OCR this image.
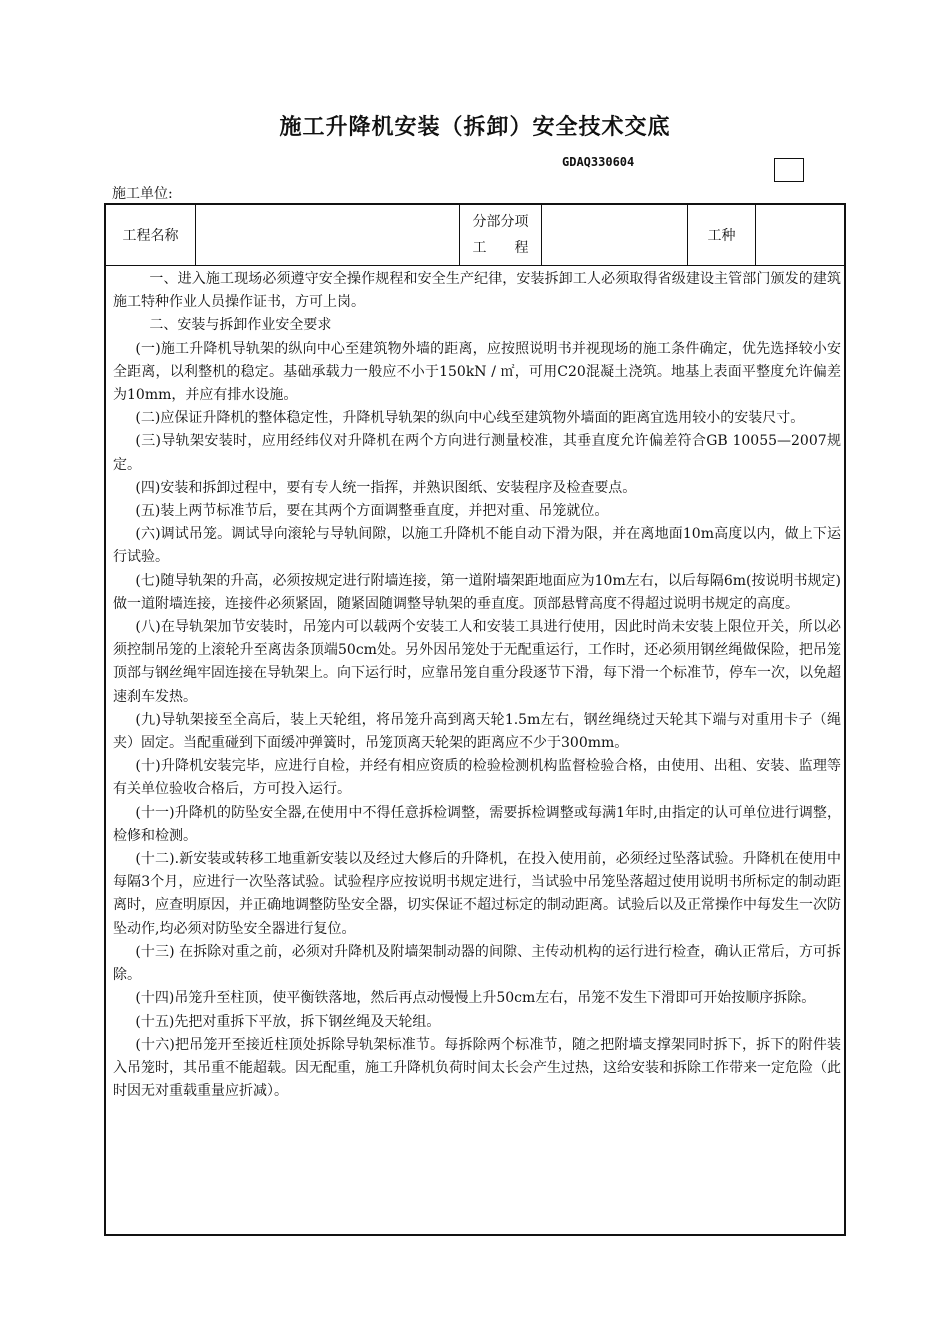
施工升降机安装（拆卸）安全技术交底
GDAQ330604
施工单位:
工程名称
分部分项
工　　程
工种

一、进入施工现场必须遵守安全操作规程和安全生产纪律，安装拆卸工人必须取得省级建设主管部门颁发的建筑施工特种作业人员操作证书，方可上岗。

二、安装与拆卸作业安全要求

(一)施工升降机导轨架的纵向中心至建筑物外墙的距离，应按照说明书并视现场的施工条件确定，优先选择较小安全距离，以利整机的稳定。基础承载力一般应不小于150kN / ㎡，可用C20混凝土浇筑。地基上表面平整度允许偏差为10mm，并应有排水设施。

(二)应保证升降机的整体稳定性，升降机导轨架的纵向中心线至建筑物外墙面的距离宜选用较小的安装尺寸。

(三)导轨架安装时，应用经纬仪对升降机在两个方向进行测量校准，其垂直度允许偏差符合GB 10055—2007规定。

(四)安装和拆卸过程中，要有专人统一指挥，并熟识图纸、安装程序及检查要点。

(五)装上两节标准节后，要在其两个方面调整垂直度，并把对重、吊笼就位。

(六)调试吊笼。调试导向滚轮与导轨间隙，以施工升降机不能自动下滑为限，并在离地面10m高度以内，做上下运行试验。

(七)随导轨架的升高，必须按规定进行附墙连接，第一道附墙架距地面应为10m左右，以后每隔6m(按说明书规定)做一道附墙连接，连接件必须紧固，随紧固随调整导轨架的垂直度。顶部悬臂高度不得超过说明书规定的高度。

(八)在导轨架加节安装时，吊笼内可以载两个安装工人和安装工具进行使用，因此时尚未安装上限位开关，所以必须控制吊笼的上滚轮升至离齿条顶端50cm处。另外因吊笼处于无配重运行，工作时，还必须用钢丝绳做保险，把吊笼顶部与钢丝绳牢固连接在导轨架上。向下运行时，应靠吊笼自重分段逐节下滑，每下滑一个标准节，停车一次，以免超速刹车发热。

(九)导轨架接至全高后，装上天轮组，将吊笼升高到离天轮1.5m左右，钢丝绳绕过天轮其下端与对重用卡子（绳夹）固定。当配重碰到下面缓冲弹簧时，吊笼顶离天轮架的距离应不少于300mm。

(十)升降机安装完毕，应进行自检，并经有相应资质的检验检测机构监督检验合格，由使用、出租、安装、监理等有关单位验收合格后，方可投入运行。

(十一)升降机的防坠安全器,在使用中不得任意拆检调整，需要拆检调整或每满1年时,由指定的认可单位进行调整，检修和检测。

(十二).新安装或转移工地重新安装以及经过大修后的升降机，在投入使用前，必须经过坠落试验。升降机在使用中每隔3个月，应进行一次坠落试验。试验程序应按说明书规定进行，当试验中吊笼坠落超过使用说明书所标定的制动距离时，应查明原因，并正确地调整防坠安全器，切实保证不超过标定的制动距离。试验后以及正常操作中每发生一次防坠动作,均必须对防坠安全器进行复位。

(十三) 在拆除对重之前，必须对升降机及附墙架制动器的间隙、主传动机构的运行进行检查，确认正常后，方可拆除。

(十四)吊笼升至柱顶，使平衡铁落地，然后再点动慢慢上升50cm左右，吊笼不发生下滑即可开始按顺序拆除。

(十五)先把对重拆下平放，拆下钢丝绳及天轮组。

(十六)把吊笼开至接近柱顶处拆除导轨架标准节。每拆除两个标准节，随之把附墙支撑架同时拆下，拆下的附件装入吊笼时，其吊重不能超载。因无配重，施工升降机负荷时间太长会产生过热，这给安装和拆除工作带来一定危险（此时因无对重载重量应折减）。
